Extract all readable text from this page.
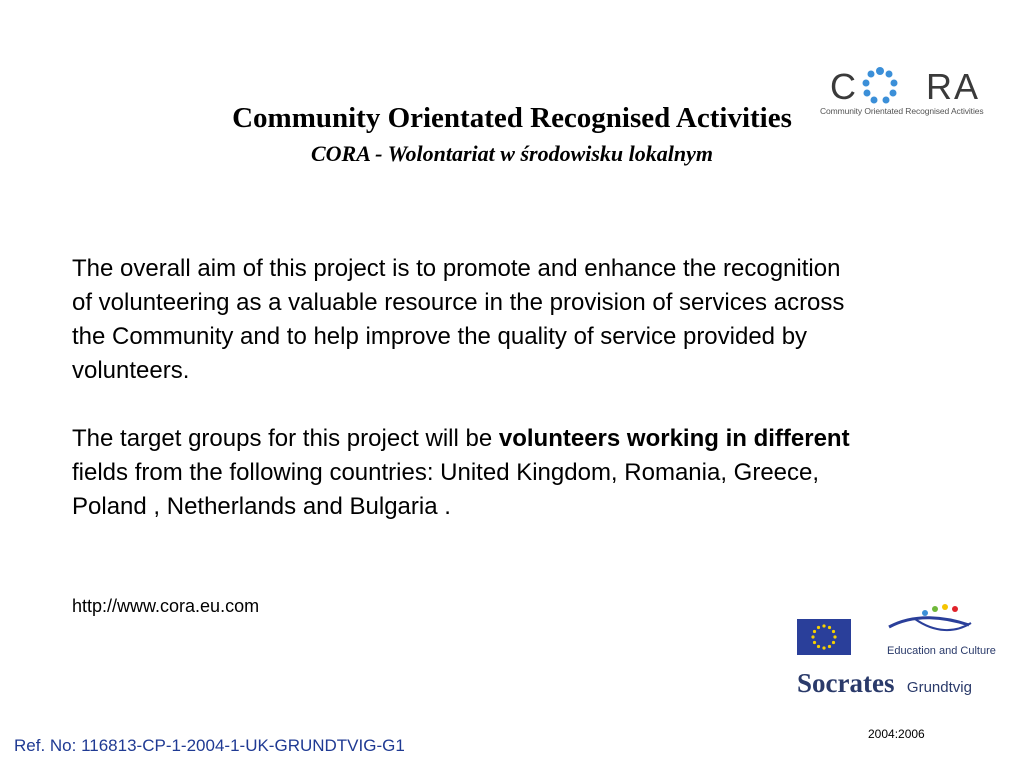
Community Orientated Recognised Activities
CORA - Wolontariat w środowisku lokalnym
C R A
Community Orientated Recognised Activities

The overall aim of this project is to promote and enhance the recognition of volunteering as a valuable resource in the provision of services across the Community and to help improve the quality of service provided by volunteers.

The target groups for this project will be volunteers working in different fields from the following countries: United Kingdom, Romania, Greece, Poland , Netherlands and Bulgaria .

http://www.cora.eu.com
Education and Culture
Socrates Grundtvig
2004:2006
Ref. No: 116813-CP-1-2004-1-UK-GRUNDTVIG-G1
